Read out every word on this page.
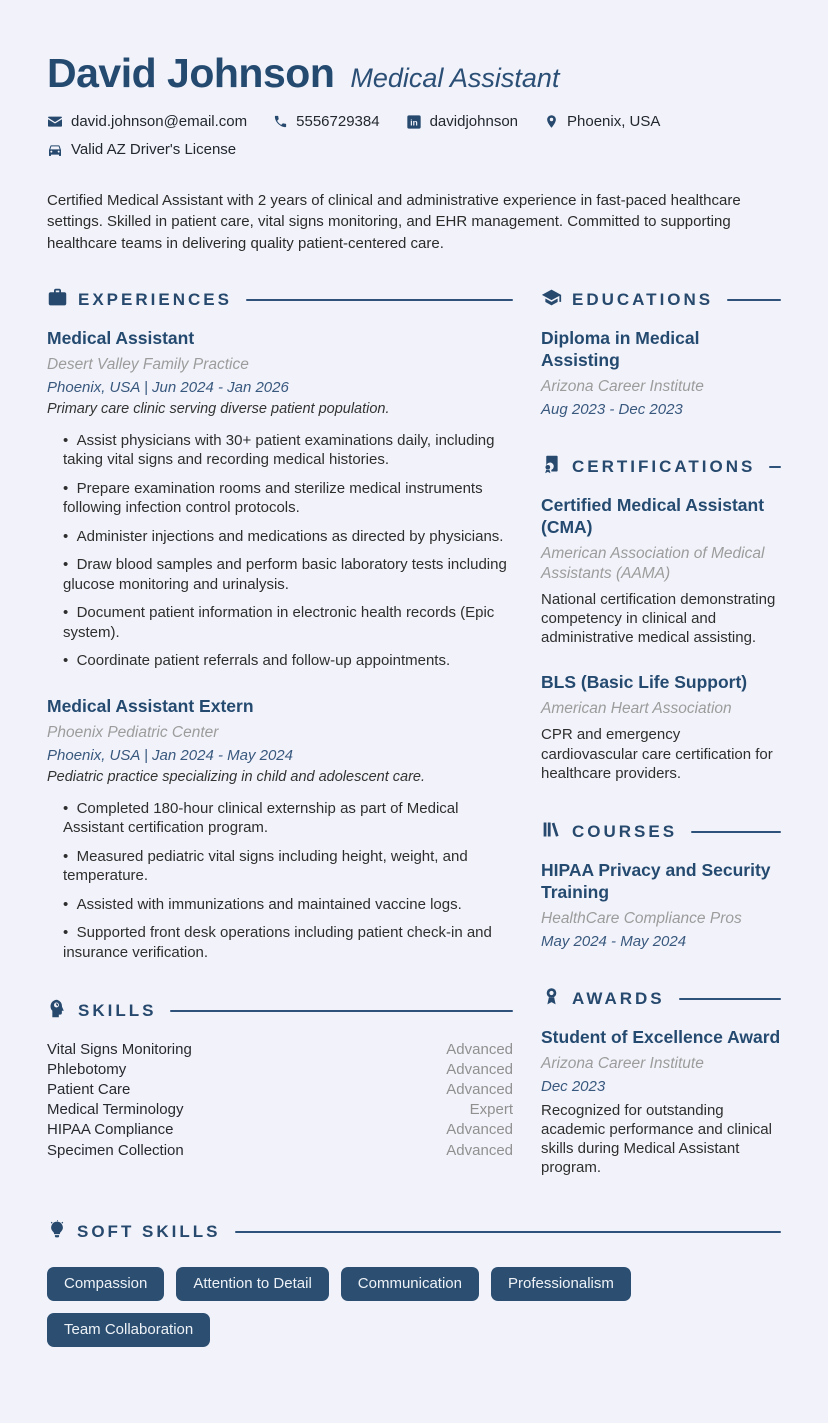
David Johnson Medical Assistant
david.johnson@email.com	5556729384 in davidjohnson	Phoenix, USA
Valid AZ Driver's License

Certified Medical Assistant with 2 years of clinical and administrative experience in fast-paced healthcare settings. Skilled in patient care, vital signs monitoring, and EHR management. Committed to supporting healthcare teams in delivering quality patient-centered care.

EXPERIENCES
Medical Assistant
Desert Valley Family Practice
Phoenix, USA | Jun 2024 - Jan 2026
Primary care clinic serving diverse patient population.
•  Assist physicians with 30+ patient examinations daily, including taking vital signs and recording medical histories.
•  Prepare examination rooms and sterilize medical instruments following infection control protocols.
•  Administer injections and medications as directed by physicians.
•  Draw blood samples and perform basic laboratory tests including glucose monitoring and urinalysis.
•  Document patient information in electronic health records (Epic system).
•  Coordinate patient referrals and follow-up appointments.
Medical Assistant Extern
Phoenix Pediatric Center
Phoenix, USA | Jan 2024 - May 2024
Pediatric practice specializing in child and adolescent care.
•  Completed 180-hour clinical externship as part of Medical Assistant certification program.
•  Measured pediatric vital signs including height, weight, and temperature.
•  Assisted with immunizations and maintained vaccine logs.
•  Supported front desk operations including patient check-in and insurance verification.
SKILLS
Vital Signs Monitoring	Advanced
Phlebotomy	Advanced
Patient Care	Advanced
Medical Terminology	Expert
HIPAA Compliance	Advanced
Specimen Collection	Advanced
EDUCATIONS
Diploma in Medical Assisting
Arizona Career Institute
Aug 2023 - Dec 2023
CERTIFICATIONS
Certified Medical Assistant (CMA)
American Association of Medical Assistants (AAMA)
National certification demonstrating competency in clinical and administrative medical assisting.
BLS (Basic Life Support)
American Heart Association
CPR and emergency cardiovascular care certification for healthcare providers.
COURSES
HIPAA Privacy and Security Training
HealthCare Compliance Pros
May 2024 - May 2024
AWARDS
Student of Excellence Award
Arizona Career Institute
Dec 2023
Recognized for outstanding academic performance and clinical skills during Medical Assistant program.
SOFT SKILLS
Compassion	Attention to Detail	Communication	Professionalism
Team Collaboration
